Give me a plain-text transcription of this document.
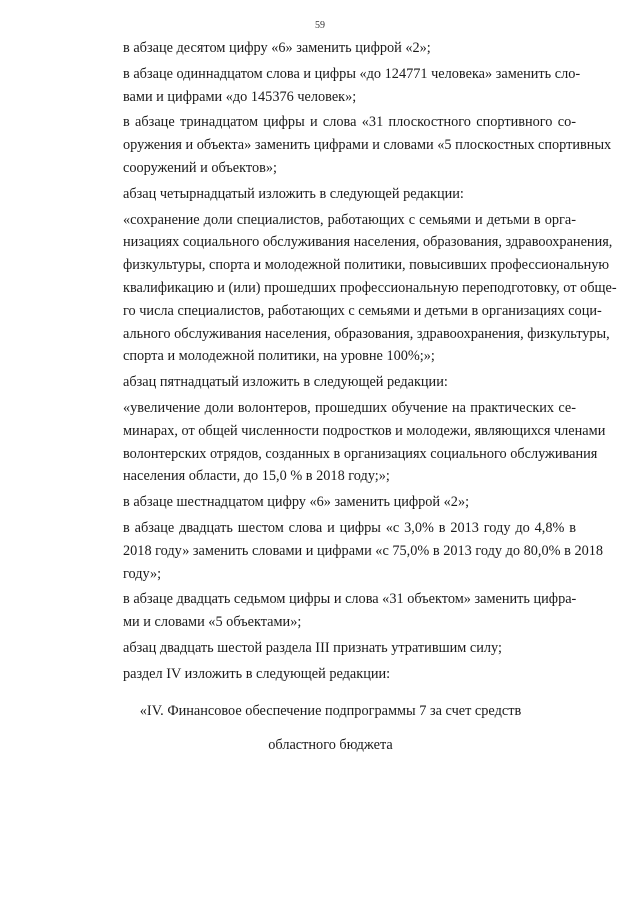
59

в абзаце десятом цифру «6» заменить цифрой «2»;

в абзаце одиннадцатом слова и цифры «до 124771 человека» заменить сло-
вами и цифрами «до 145376 человек»;

в абзаце тринадцатом цифры и слова «31 плоскостного спортивного со-
оружения и объекта» заменить цифрами и словами «5 плоскостных спортивных
сооружений и объектов»;

абзац четырнадцатый изложить в следующей редакции:

«сохранение доли специалистов, работающих с семьями и детьми в орга-
низациях социального обслуживания населения, образования, здравоохранения,
физкультуры, спорта и молодежной политики, повысивших профессиональную
квалификацию и (или) прошедших профессиональную переподготовку, от обще-
го числа специалистов, работающих с семьями и детьми в организациях соци-
ального обслуживания населения, образования, здравоохранения, физкультуры,
спорта и молодежной политики, на уровне 100%;»;

абзац пятнадцатый изложить в следующей редакции:

«увеличение доли волонтеров, прошедших обучение на практических се-
минарах, от общей численности подростков и молодежи, являющихся членами
волонтерских отрядов, созданных в организациях социального обслуживания
населения области, до 15,0 % в 2018 году;»;

в абзаце шестнадцатом цифру «6» заменить цифрой «2»;

в абзаце двадцать шестом слова и цифры «с 3,0% в 2013 году до 4,8% в
2018 году» заменить словами и цифрами «с 75,0% в 2013 году до 80,0% в 2018
году»;

в абзаце двадцать седьмом цифры и слова «31 объектом» заменить цифра-
ми и словами «5 объектами»;

абзац двадцать шестой раздела III признать утратившим силу;

раздел IV изложить в следующей редакции:

«IV. Финансовое обеспечение подпрограммы 7 за счет средств
областного бюджета
